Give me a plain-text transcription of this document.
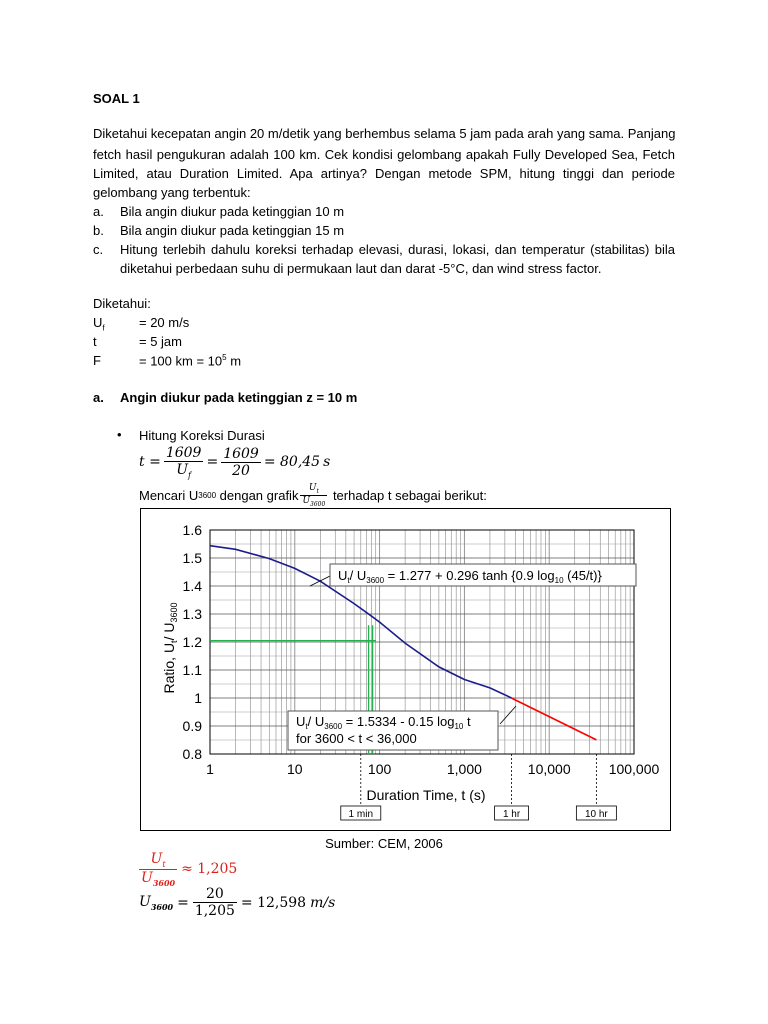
SOAL 1
Diketahui kecepatan angin 20 m/detik yang berhembus selama 5 jam pada arah yang sama. Panjang
fetch hasil pengukuran adalah 100 km. Cek kondisi gelombang apakah Fully Developed Sea, Fetch
Limited, atau Duration Limited. Apa artinya? Dengan metode SPM, hitung tinggi dan periode
gelombang yang terbentuk:
a. Bila angin diukur pada ketinggian 10 m
b. Bila angin diukur pada ketinggian 15 m
c. Hitung terlebih dahulu koreksi terhadap elevasi, durasi, lokasi, dan temperatur (stabilitas) bila
diketahui perbedaan suhu di permukaan laut dan darat -5°C, dan wind stress factor.
Diketahui:
$U_f$	= 20 m/s
t	= 5 jam
F	= 100 km = $10^5$ m
a. Angin diukur pada ketinggian z = 10 m
• Hitung Koreksi Durasi
$t = \frac{1609}{U_f} = \frac{1609}{20} = 80,45$ s
Mencari U 3600 dengan grafik $\frac{U_t}{U_{3600}}$ terhadap t sebagai berikut:
0.8
0.9
1
1.1
1.2
1.3
1.4
1.5
1.6
1	10	100	1,000	10,000	100,000
$U_t/$ $U_{3600} = 1.277 + 0.296$ tanh {0.9 $\log_{10} (45/t)$}
$U_t/$ $U_{3600} = 1.5334 - 0.15$ $\log_{10} t$
for 3600 < t < 36,000
Ratio, $U_t/$ $U_{3600}$
Duration Time, t (s)
1 min	1 hr	10 hr
Sumber: CEM, 2006
$\frac{U_t}{U_{3600}} \approx 1,205$
$U_{3600} = \frac{20}{1,205} = 12,598$ m/s
